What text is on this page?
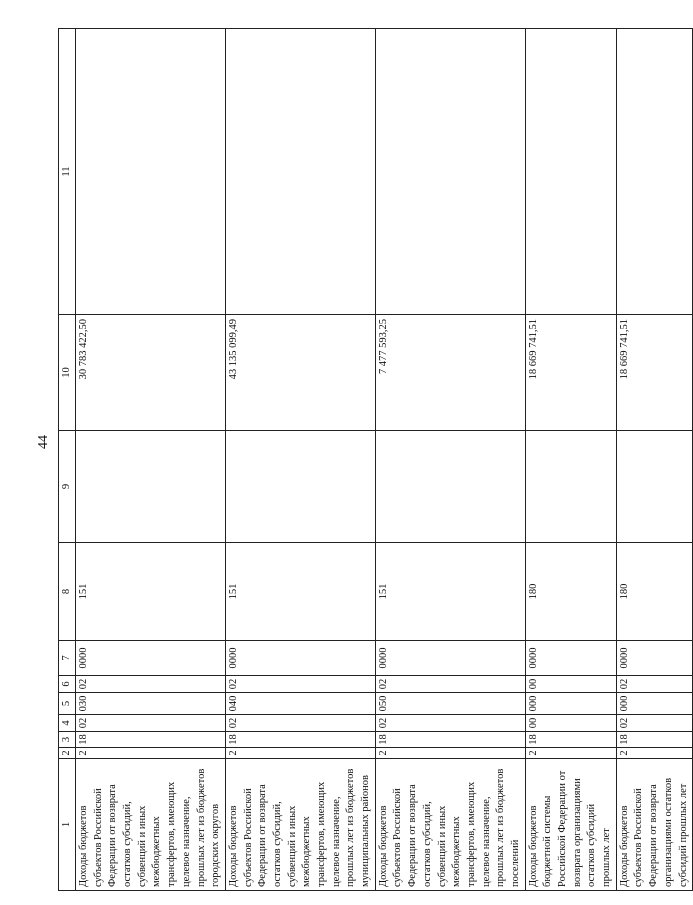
44
1	2	3	4	5	6	7	8	9	10	11
Доходы бюджетов субъектов Российской Федерации от возврата остатков субсидий, субвенций и иных межбюджетных трансфертов, имеющих целевое назначение, прошлых лет из бюджетов городских округов	2	18	02	030	02	0000	151		30 783 422,50	
Доходы бюджетов субъектов Российской Федерации от возврата остатков субсидий, субвенций и иных межбюджетных трансфертов, имеющих целевое назначение, прошлых лет из бюджетов муниципальных районов	2	18	02	040	02	0000	151		43 135 099,49	
Доходы бюджетов субъектов Российской Федерации от возврата остатков субсидий, субвенций и иных межбюджетных трансфертов, имеющих целевое назначение, прошлых лет из бюджетов поселений	2	18	02	050	02	0000	151		7 477 593,25	
Доходы бюджетов бюджетной системы Российской Федерации от возврата организациями остатков субсидий прошлых лет	2	18	00	000	00	0000	180		18 669 741,51	
Доходы бюджетов субъектов Российской Федерации от возврата организациями остатков субсидий прошлых лет	2	18	02	000	02	0000	180		18 669 741,51	
